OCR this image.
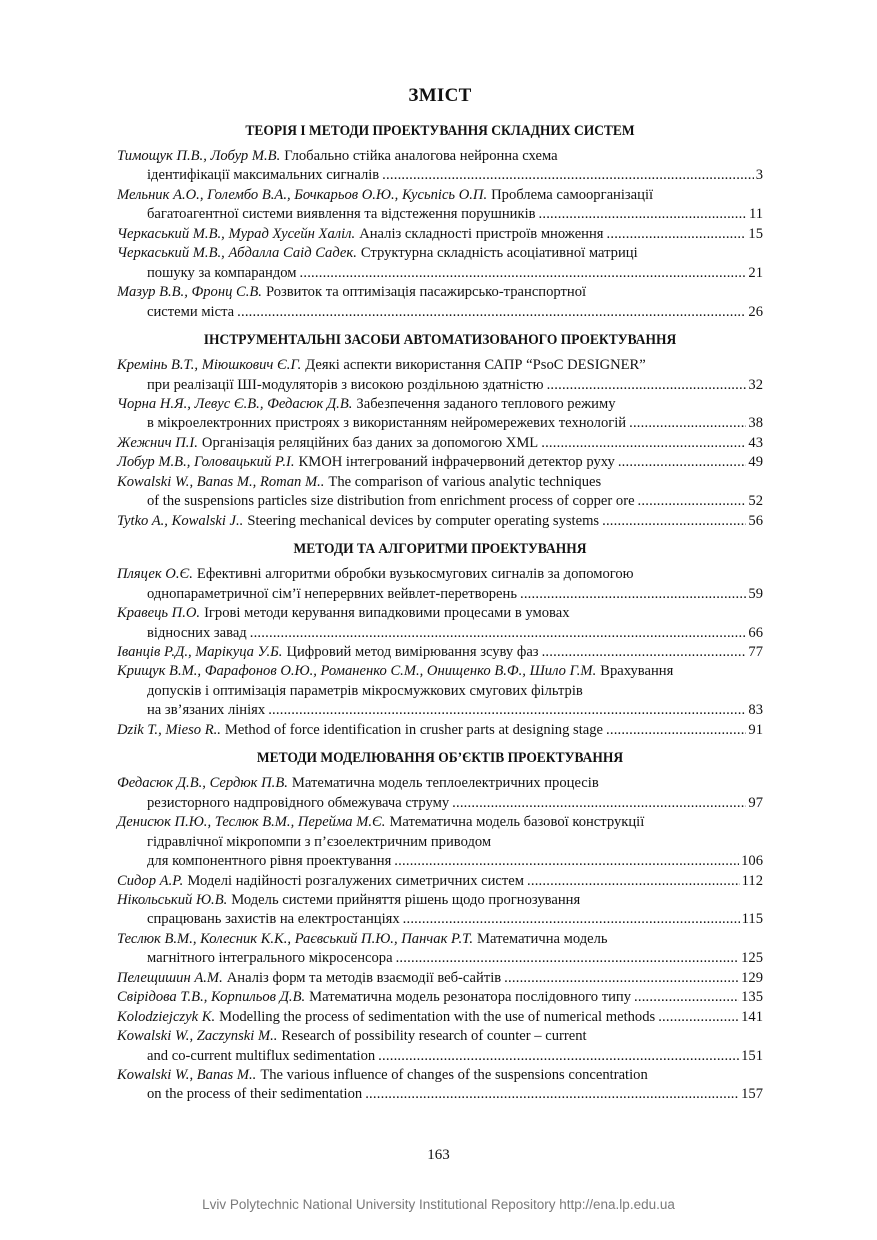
ЗМІСТ
ТЕОРІЯ І МЕТОДИ ПРОЕКТУВАННЯ СКЛАДНИХ СИСТЕМ
Тимощук П.В., Лобур М.В. Глобально стійка аналогова нейронна схема
ідентифікації максимальних сигналів .....	3
Мельник А.О., Голембо В.А., Бочкарьов О.Ю., Кусьпісь О.П. Проблема самоорганізації
багатоагентної системи виявлення та відстеження порушників .....	11
Черкаський М.В., Мурад Хусейн Халіл. Аналіз складності пристроїв множення .....	15
Черкаський М.В., Абдалла Саід Садек. Структурна складність асоціативної матриці
пошуку за компарандом .....	21
Мазур В.В., Фронц С.В. Розвиток та оптимізація пасажирсько-транспортної
системи міста .....	26
ІНСТРУМЕНТАЛЬНІ ЗАСОБИ АВТОМАТИЗОВАНОГО ПРОЕКТУВАННЯ
Кремінь В.Т., Міюшкович Є.Г. Деякі аспекти використання САПР “PsoC DESIGNER”
при реалізації ШІ-модуляторів з високою роздільною здатністю .....	32
Чорна Н.Я., Левус Є.В., Федасюк Д.В. Забезпечення заданого теплового режиму
в мікроелектронних пристроях з використанням нейромережевих технологій .....	38
Жежнич П.І. Організація реляційних баз даних за допомогою XML .....	43
Лобур М.В., Головацький Р.І. КМОН інтегрований інфрачервоний детектор руху .....	49
Kowalski W., Banas M., Roman M.. The comparison of various analytic techniques
of the suspensions particles size distribution from enrichment process of copper ore .....	52
Tytko A., Kowalski J.. Steering mechanical devices by computer operating systems .....	56
МЕТОДИ ТА АЛГОРИТМИ ПРОЕКТУВАННЯ
Пляцек О.Є. Ефективні алгоритми обробки вузькосмугових сигналів за допомогою
однопараметричної сім’ї неперервних вейвлет-перетворень .....	59
Кравець П.О. Ігрові методи керування випадковими процесами в умовах
відносних завад .....	66
Іванців Р.Д., Марікуца У.Б. Цифровий метод вимірювання зсуву фаз .....	77
Крищук В.М., Фарафонов О.Ю., Романенко С.М., Онищенко В.Ф., Шило Г.М. Врахування
допусків і оптимізація параметрів мікросмужкових смугових фільтрів
на зв’язаних лініях .....	83
Dzik T., Mieso R.. Method of force identification in crusher parts at designing stage .....	91
МЕТОДИ МОДЕЛЮВАННЯ ОБ’ЄКТІВ ПРОЕКТУВАННЯ
Федасюк Д.В., Сердюк П.В. Математична модель теплоелектричних процесів
резисторного надпровідного обмежувача струму .....	97
Денисюк П.Ю., Теслюк В.М., Перейма М.Є. Математична модель базової конструкції
гідравлічної мікропомпи з п’єзоелектричним приводом
для компонентного рівня проектування .....	106
Сидор А.Р. Моделі надійності розгалужених симетричних систем .....	112
Нікольський Ю.В. Модель системи прийняття рішень щодо прогнозування
спрацювань захистів на електростанціях .....	115
Теслюк В.М., Колесник К.К., Раєвський П.Ю., Панчак Р.Т. Математична модель
магнітного інтегрального мікросенсора .....	125
Пелещишин А.М. Аналіз форм та методів взаємодії веб-сайтів .....	129
Свірідова Т.В., Корпильов Д.В. Математична модель резонатора послідовного типу .....	135
Kolodziejczyk K. Modelling the process of sedimentation with the use of numerical methods .....	141
Kowalski W., Zaczynski M.. Research of possibility research of counter – current
and co-current multiflux sedimentation .....	151
Kowalski W., Banas M.. The various influence of changes of the suspensions concentration
on the process of their sedimentation .....	157
163
Lviv Polytechnic National University Institutional Repository http://ena.lp.edu.ua
